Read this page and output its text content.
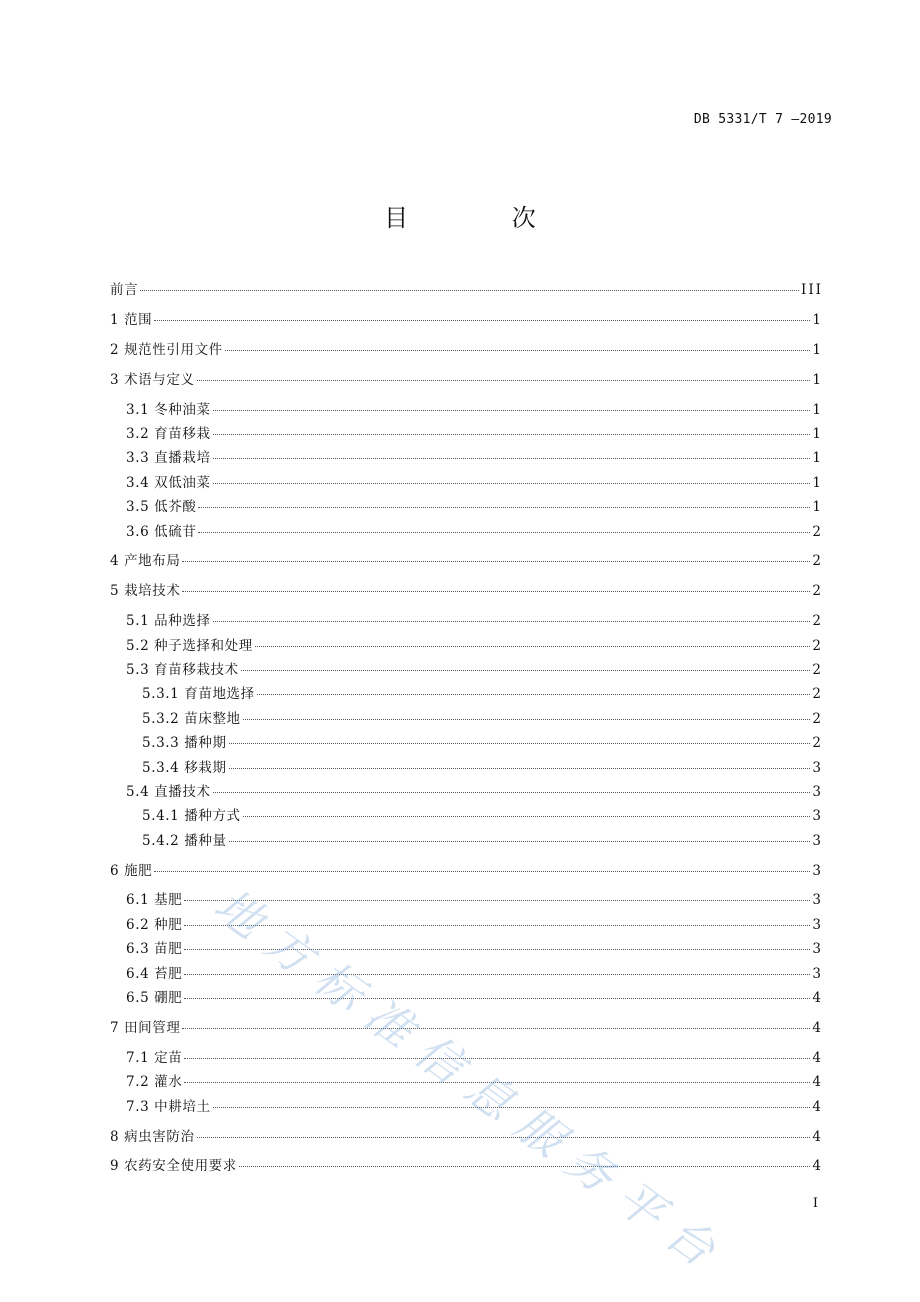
DB 5331/T 7 —2019
目 次
前言	III
1 范围	1
2 规范性引用文件	1
3 术语与定义	1
3.1 冬种油菜	1
3.2 育苗移栽	1
3.3 直播栽培	1
3.4 双低油菜	1
3.5 低芥酸	1
3.6 低硫苷	2
4 产地布局	2
5 栽培技术	2
5.1 品种选择	2
5.2 种子选择和处理	2
5.3 育苗移栽技术	2
5.3.1 育苗地选择	2
5.3.2 苗床整地	2
5.3.3 播种期	2
5.3.4 移栽期	3
5.4 直播技术	3
5.4.1 播种方式	3
5.4.2 播种量	3
6 施肥	3
6.1 基肥	3
6.2 种肥	3
6.3 苗肥	3
6.4 苔肥	3
6.5 硼肥	4
7 田间管理	4
7.1 定苗	4
7.2 灌水	4
7.3 中耕培土	4
8 病虫害防治	4
9 农药安全使用要求	4
I
地方标准信息服务平台
